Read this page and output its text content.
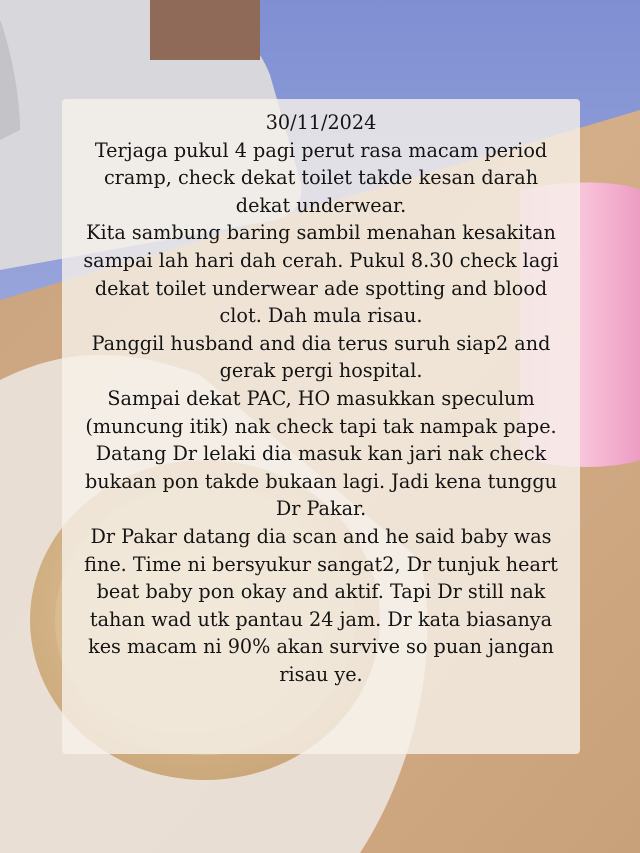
30/11/2024

Terjaga pukul 4 pagi perut rasa macam period

cramp, check dekat toilet takde kesan darah

dekat underwear.

Kita sambung baring sambil menahan kesakitan

sampai lah hari dah cerah. Pukul 8.30 check lagi

dekat toilet underwear ade spotting and blood

clot. Dah mula risau.

Panggil husband and dia terus suruh siap2 and

gerak pergi hospital.

Sampai dekat PAC, HO masukkan speculum

(muncung itik) nak check tapi tak nampak pape.

Datang Dr lelaki dia masuk kan jari nak check

bukaan pon takde bukaan lagi. Jadi kena tunggu

Dr Pakar.

Dr Pakar datang dia scan and he said baby was

fine. Time ni bersyukur sangat2, Dr tunjuk heart

beat baby pon okay and aktif. Tapi Dr still nak

tahan wad utk pantau 24 jam. Dr kata biasanya

kes macam ni 90% akan survive so puan jangan

risau ye.
